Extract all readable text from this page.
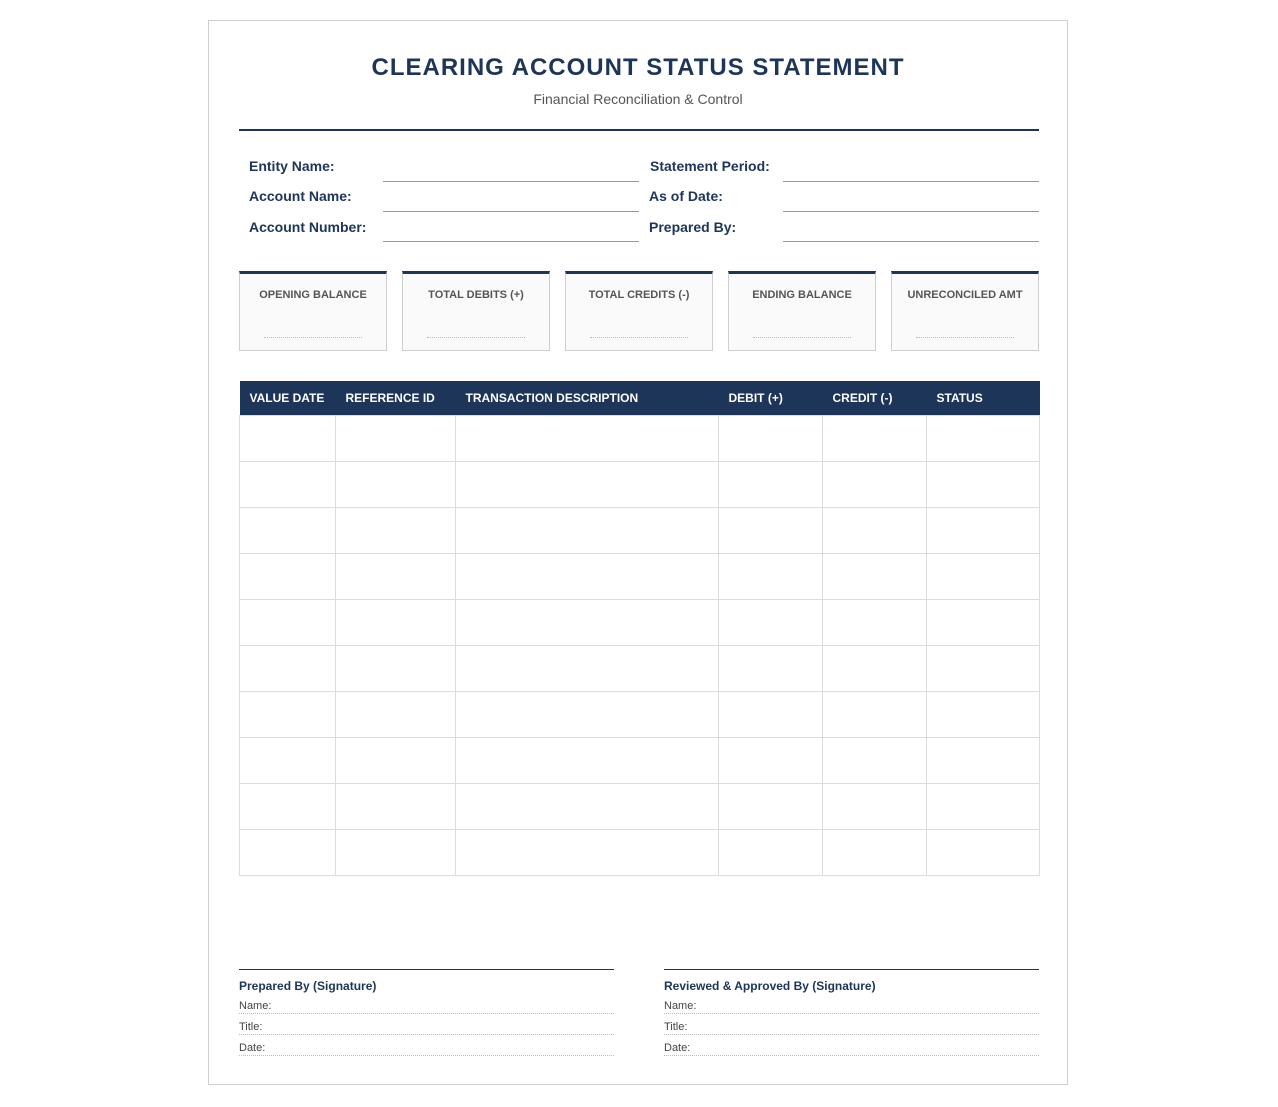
CLEARING ACCOUNT STATUS STATEMENT
Financial Reconciliation & Control
Entity Name:
Account Name:
Account Number:
Statement Period:
As of Date:
Prepared By:
OPENING BALANCE	TOTAL DEBITS (+)	TOTAL CREDITS (-)	ENDING BALANCE	UNRECONCILED AMT
VALUE DATE	REFERENCE ID	TRANSACTION DESCRIPTION	DEBIT (+)	CREDIT (-)	STATUS

Prepared By (Signature)
Name:
Title:
Date:
Reviewed & Approved By (Signature)
Name:
Title:
Date:
